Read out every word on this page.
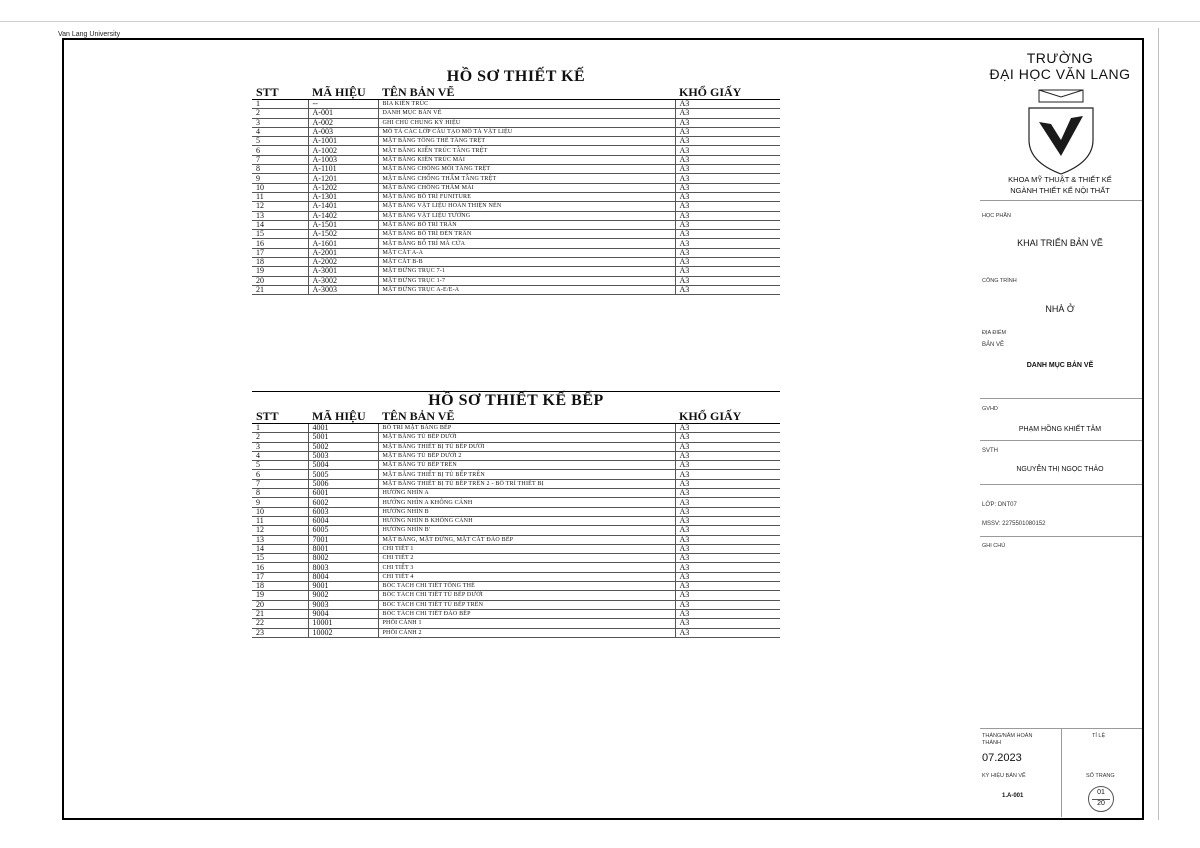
Van Lang University
HỒ SƠ THIẾT KẾ
STT	MÃ HIỆU	TÊN BẢN VẼ	KHỔ GIẤY
1	--	BÌA KIẾN TRÚC	A3
2	A-001	DANH MỤC BẢN VẼ	A3
3	A-002	GHI CHÚ CHUNG KÝ HIỆU	A3
4	A-003	MÔ TẢ CÁC LỚP CẤU TẠO MÔ TẢ VẬT LIỆU	A3
5	A-1001	MẶT BẰNG TỔNG THỂ TẦNG TRỆT	A3
6	A-1002	MẶT BẰNG KIẾN TRÚC TẦNG TRỆT	A3
7	A-1003	MẶT BẰNG KIẾN TRÚC MÁI	A3
8	A-1101	MẶT BẰNG CHỐNG MỐI TẦNG TRỆT	A3
9	A-1201	MẶT BẰNG CHỐNG THẤM TẦNG TRỆT	A3
10	A-1202	MẶT BẰNG CHỐNG THẤM MÁI	A3
11	A-1301	MẶT BẰNG BỐ TRÍ FUNITURE	A3
12	A-1401	MẶT BẰNG VẬT LIỆU HOÀN THIỆN NỀN	A3
13	A-1402	MẶT BẰNG VẬT LIỆU TƯỜNG	A3
14	A-1501	MẶT BẰNG BỐ TRÍ TRẦN	A3
15	A-1502	MẶT BẰNG BỐ TRÍ ĐÈN TRẦN	A3
16	A-1601	MẶT BẰNG BỐ TRÍ MÃ CỬA	A3
17	A-2001	MẶT CẮT A-A	A3
18	A-2002	MẶT CẮT B-B	A3
19	A-3001	MẶT ĐỨNG TRỤC 7-1	A3
20	A-3002	MẶT ĐỨNG TRỤC 1-7	A3
21	A-3003	MẶT ĐỨNG TRỤC A-E/E-A	A3
HỒ SƠ THIẾT KẾ BẾP
STT	MÃ HIỆU	TÊN BẢN VẼ	KHỔ GIẤY
1	4001	BỐ TRÍ MẶT BẰNG BẾP	A3
2	5001	MẶT BẰNG TỦ BẾP DƯỚI	A3
3	5002	MẶT BẰNG THIẾT BỊ TỦ BẾP DƯỚI	A3
4	5003	MẶT BẰNG TỦ BẾP DƯỚI 2	A3
5	5004	MẶT BẰNG TỦ BẾP TRÊN	A3
6	5005	MẶT BẰNG THIẾT BỊ TỦ BẾP TRÊN	A3
7	5006	MẶT BẰNG THIẾT BỊ TỦ BẾP TRÊN 2 - BỐ TRÍ THIẾT BỊ	A3
8	6001	HƯỚNG NHÌN A	A3
9	6002	HƯỚNG NHÌN A KHÔNG CÁNH	A3
10	6003	HƯỚNG NHÌN B	A3
11	6004	HƯỚNG NHÌN B KHÔNG CÁNH	A3
12	6005	HƯỚNG NHÌN B'	A3
13	7001	MẶT BẰNG, MẶT ĐỨNG, MẶT CẮT ĐẢO BẾP	A3
14	8001	CHI TIẾT 1	A3
15	8002	CHI TIẾT 2	A3
16	8003	CHI TIẾT 3	A3
17	8004	CHI TIẾT 4	A3
18	9001	BÓC TÁCH CHI TIẾT TỔNG THỂ	A3
19	9002	BÓC TÁCH CHI TIẾT TỦ BẾP DƯỚI	A3
20	9003	BÓC TÁCH CHI TIẾT TỦ BẾP TRÊN	A3
21	9004	BÓC TÁCH CHI TIẾT ĐẢO BẾP	A3
22	10001	PHỐI CẢNH 1	A3
23	10002	PHỐI CẢNH 2	A3
TRƯỜNG
ĐẠI HỌC VĂN LANG
KHOA MỸ THUẬT & THIẾT KẾ
NGÀNH THIẾT KẾ NỘI THẤT
HỌC PHẦN
KHAI TRIỂN BẢN VẼ
CÔNG TRÌNH
NHÀ Ở
ĐỊA ĐIỂM
BẢN VẼ
DANH MỤC BẢN VẼ
GVHD
PHẠM HỒNG KHIẾT TÂM
SVTH
NGUYỄN THỊ NGỌC THẢO
LỚP: DNT07
MSSV: 2275501080152
GHI CHÚ
THÁNG/NĂM HOÀN THÀNH
TỈ LỆ
07.2023
KÝ HIỆU BẢN VẼ	SỐ TRANG
1.A-001	01
20
